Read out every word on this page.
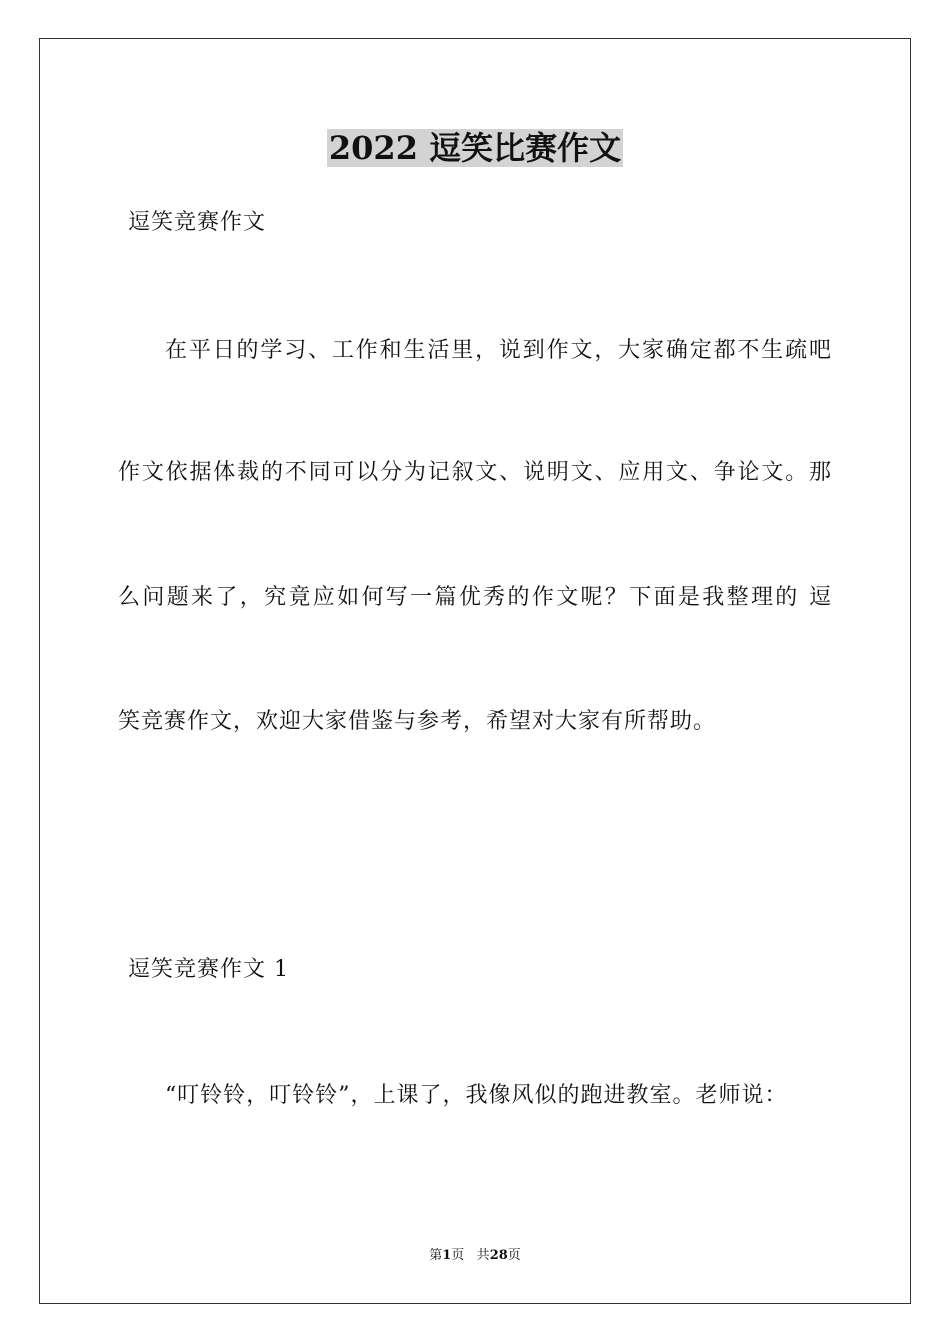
2022 逗笑比赛作文
逗笑竞赛作文
在平日的学习、工作和生活里，说到作文，大家确定都不生疏吧
作文依据体裁的不同可以分为记叙文、说明文、应用文、争论文。那
么问题来了，究竟应如何写一篇优秀的作文呢？下面是我整理的 逗
笑竞赛作文，欢迎大家借鉴与参考，希望对大家有所帮助。
逗笑竞赛作文 1
“叮铃铃，叮铃铃”，上课了，我像风似的跑进教室。老师说：
第1页 共28页
